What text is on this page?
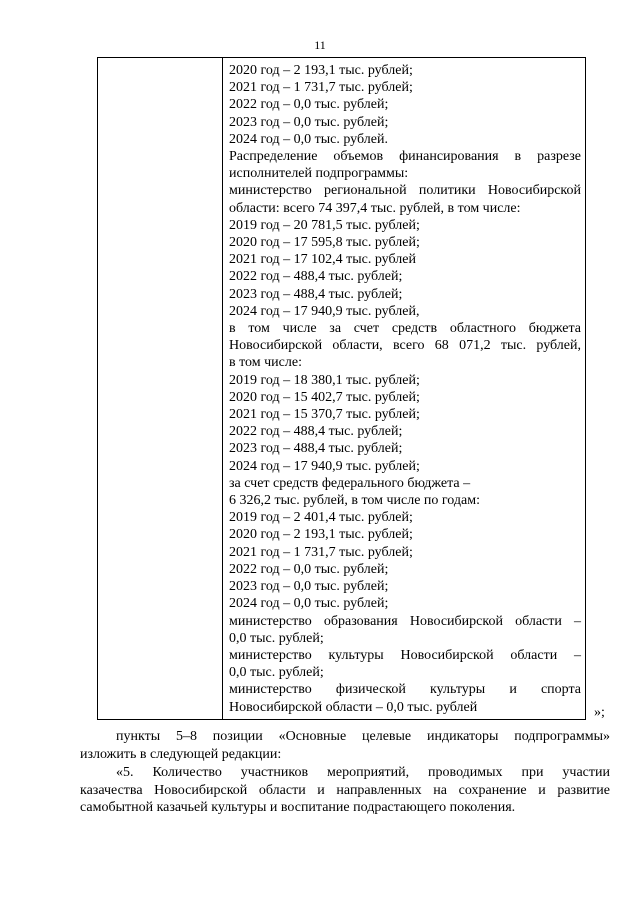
11
2020 год – 2 193,1 тыс. рублей;
2021 год – 1 731,7 тыс. рублей;
2022 год – 0,0 тыс. рублей;
2023 год – 0,0 тыс. рублей;
2024 год – 0,0 тыс. рублей.
Распределение объемов финансирования в разрезе
исполнителей подпрограммы:
министерство региональной политики Новосибирской
области: всего 74 397,4 тыс. рублей, в том числе:
2019 год – 20 781,5 тыс. рублей;
2020 год – 17 595,8 тыс. рублей;
2021 год – 17 102,4 тыс. рублей
2022 год – 488,4 тыс. рублей;
2023 год – 488,4 тыс. рублей;
2024 год – 17 940,9 тыс. рублей,
в том числе за счет средств областного бюджета
Новосибирской области, всего 68 071,2 тыс. рублей,
в том числе:
2019 год – 18 380,1 тыс. рублей;
2020 год – 15 402,7 тыс. рублей;
2021 год – 15 370,7 тыс. рублей;
2022 год – 488,4 тыс. рублей;
2023 год – 488,4 тыс. рублей;
2024 год – 17 940,9 тыс. рублей;
за счет средств федерального бюджета –
6 326,2 тыс. рублей, в том числе по годам:
2019 год – 2 401,4 тыс. рублей;
2020 год – 2 193,1 тыс. рублей;
2021 год – 1 731,7 тыс. рублей;
2022 год – 0,0 тыс. рублей;
2023 год – 0,0 тыс. рублей;
2024 год – 0,0 тыс. рублей;
министерство образования Новосибирской области –
0,0 тыс. рублей;
министерство культуры Новосибирской области –
0,0 тыс. рублей;
министерство физической культуры и спорта
Новосибирской области – 0,0 тыс. рублей	»;
пункты 5–8 позиции «Основные целевые индикаторы подпрограммы»
изложить в следующей редакции:
«5. Количество участников мероприятий, проводимых при участии
казачества Новосибирской области и направленных на сохранение и развитие
самобытной казачьей культуры и воспитание подрастающего поколения.
